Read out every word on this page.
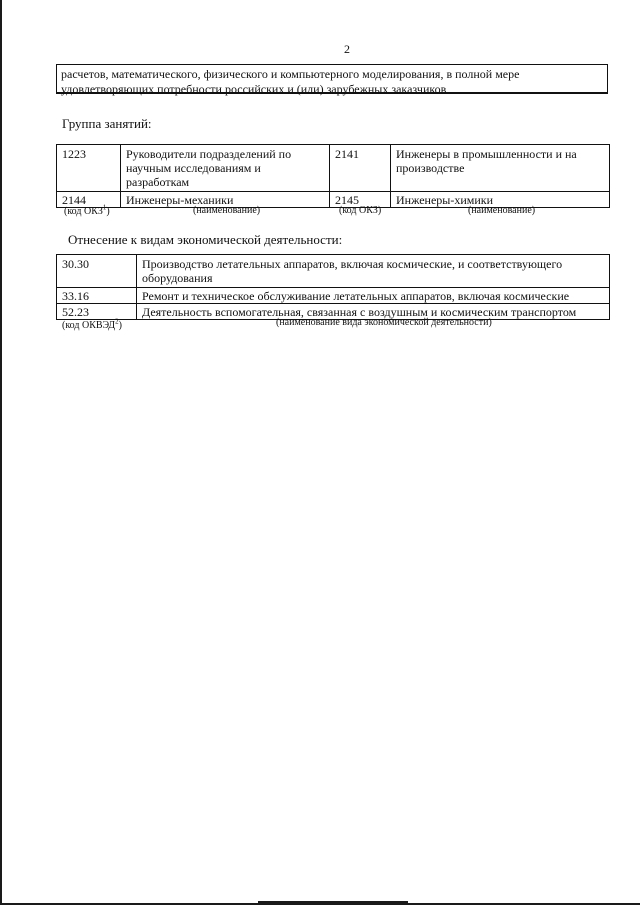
2
расчетов, математического, физического и компьютерного моделирования, в полной мере удовлетворяющих потребности российских и (или) зарубежных заказчиков
Группа занятий:
1223	Руководители подразделений по научным исследованиям и разработкам	2141	Инженеры в промышленности и на производстве
2144	Инженеры-механики	2145	Инженеры-химики
(код ОКЗ$^1$)	(наименование)	(код ОКЗ)	(наименование)
Отнесение к видам экономической деятельности:
30.30	Производство летательных аппаратов, включая космические, и соответствующего оборудования
33.16	Ремонт и техническое обслуживание летательных аппаратов, включая космические
52.23	Деятельность вспомогательная, связанная с воздушным и космическим транспортом
(код ОКВЭД$^2$)	(наименование вида экономической деятельности)
